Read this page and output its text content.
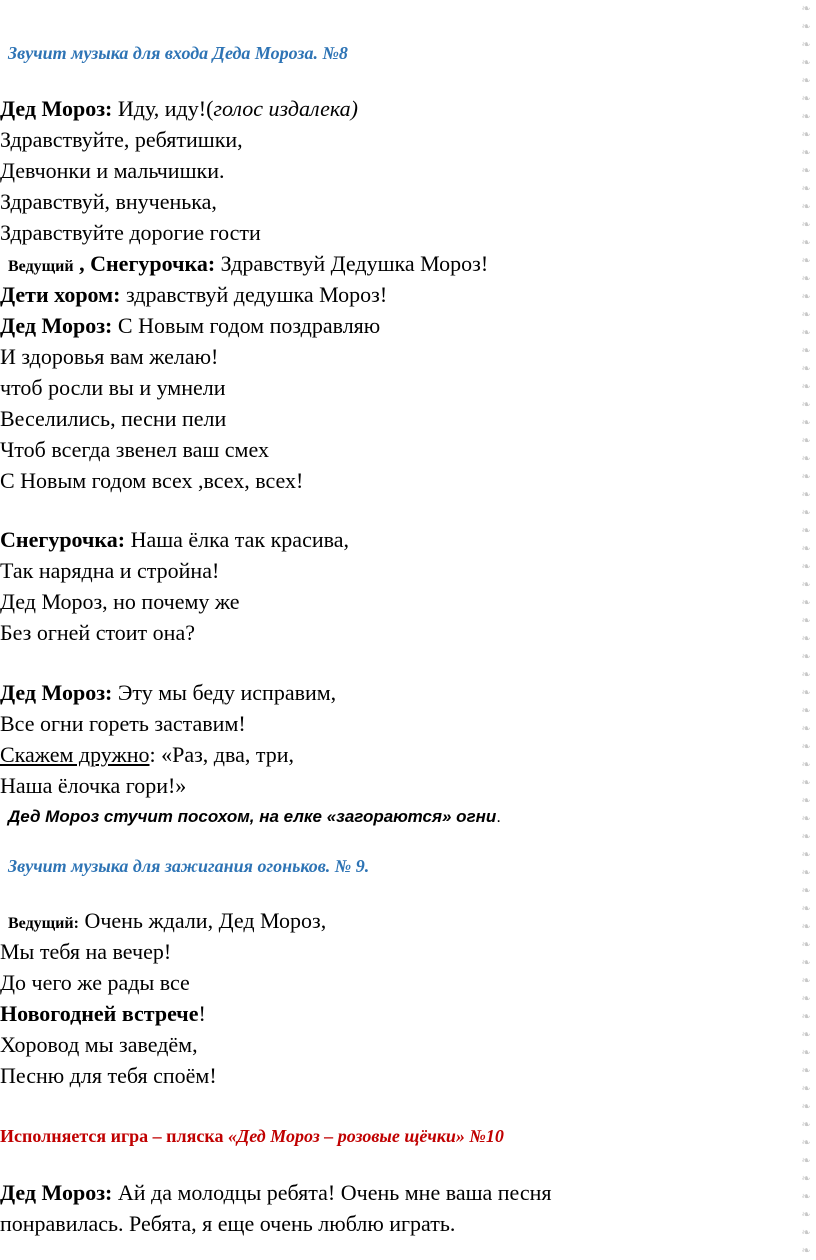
Звучит музыка для входа Деда Мороза. №8
Дед Мороз: Иду, иду!(голос издалека)
Здравствуйте, ребятишки,
Девчонки и мальчишки.
Здравствуй, внученька,
Здравствуйте дорогие гости
Ведущий , Снегурочка: Здравствуй Дедушка Мороз!
Дети хором: здравствуй дедушка Мороз!
Дед Мороз: С Новым годом поздравляю
И здоровья вам желаю!
чтоб росли вы и умнели
Веселились, песни пели
Чтоб всегда звенел ваш смех
С Новым годом всех ,всех, всех!
Снегурочка: Наша ёлка так красива,
Так нарядна и стройна!
Дед Мороз, но почему же
Без огней стоит она?
Дед Мороз: Эту мы беду исправим,
Все огни гореть заставим!
Скажем дружно: «Раз, два, три,
Наша ёлочка гори!»
Дед Мороз стучит посохом, на елке «загораются» огни.
Звучит музыка для зажигания огоньков. № 9.
Ведущий: Очень ждали, Дед Мороз,
Мы тебя на вечер!
До чего же рады все
Новогодней встрече!
Хоровод мы заведём,
Песню для тебя споём!
Исполняется игра – пляска «Дед Мороз – розовые щёчки» №10
Дед Мороз: Ай да молодцы ребята! Очень мне ваша песня
понравилась. Ребята, я еще очень люблю играть.
❧
❧
❧
❧
❧
❧
❧
❧
❧
❧
❧
❧
❧
❧
❧
❧
❧
❧
❧
❧
❧
❧
❧
❧
❧
❧
❧
❧
❧
❧
❧
❧
❧
❧
❧
❧
❧
❧
❧
❧
❧
❧
❧
❧
❧
❧
❧
❧
❧
❧
❧
❧
❧
❧
❧
❧
❧
❧
❧
❧
❧
❧
❧
❧
❧
❧
❧
❧
❧
❧
